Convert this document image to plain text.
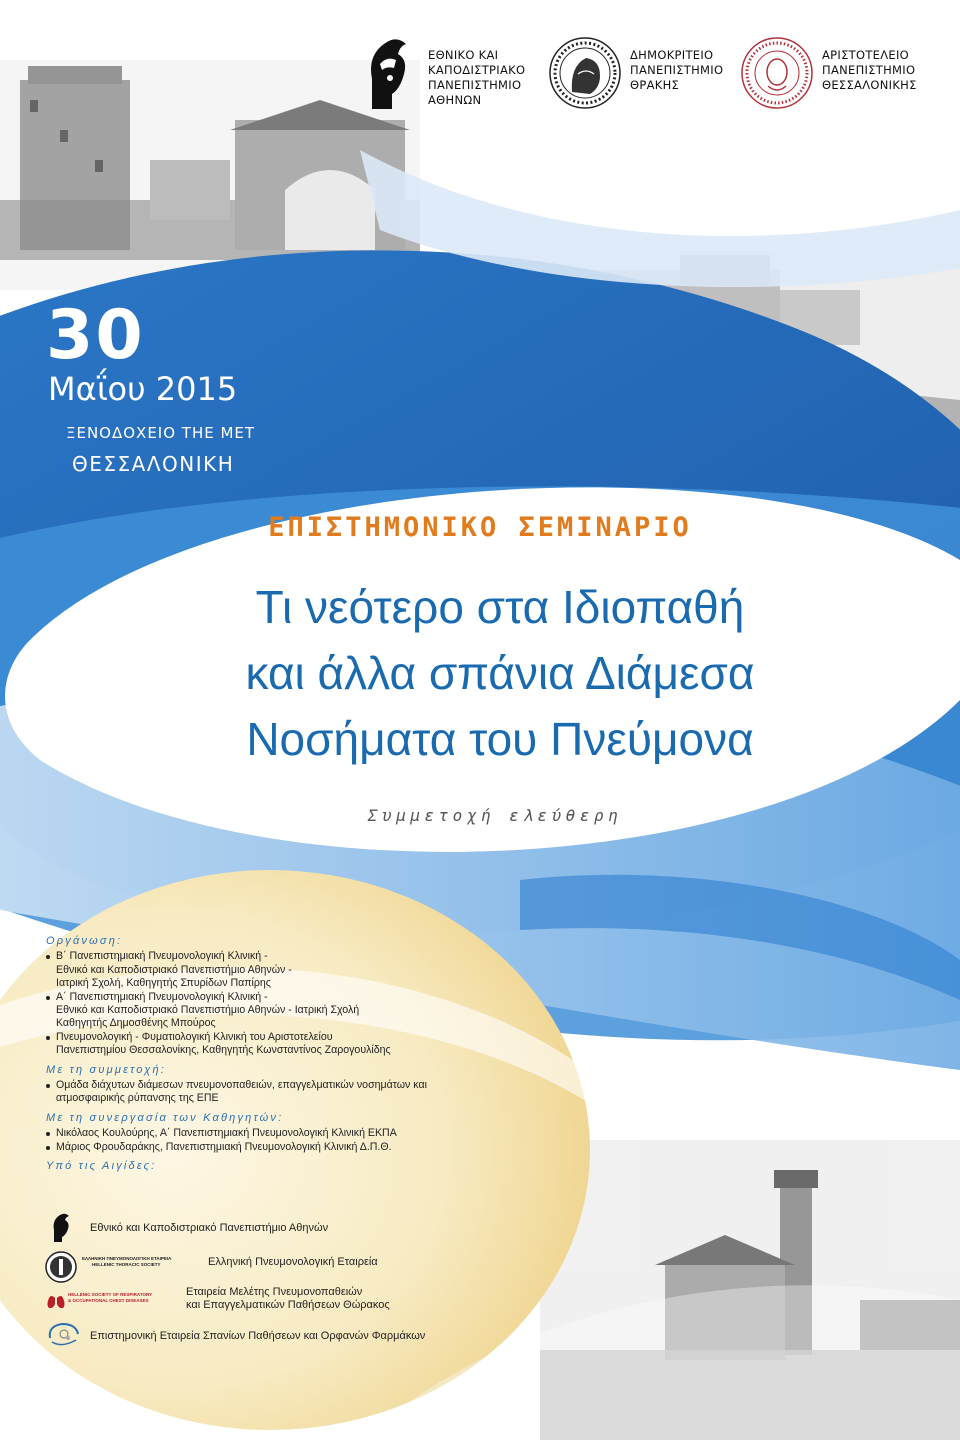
ΕΘΝΙΚΟ ΚΑΙ
ΚΑΠΟΔΙΣΤΡΙΑΚΟ
ΠΑΝΕΠΙΣΤΗΜΙΟ
ΑΘΗΝΩΝ
ΔΗΜΟΚΡΙΤΕΙΟ
ΠΑΝΕΠΙΣΤΗΜΙΟ
ΘΡΑΚΗΣ
ΑΡΙΣΤΟΤΕΛΕΙΟ
ΠΑΝΕΠΙΣΤΗΜΙΟ
ΘΕΣΣΑΛΟΝΙΚΗΣ
30
Μαΐου 2015
ΞΕΝΟΔΟΧΕΙΟ ΤΗΕ ΜΕΤ
ΘΕΣΣΑΛΟΝΙΚΗ
ΕΠΙΣΤΗΜΟΝΙΚΟ ΣΕΜΙΝΑΡΙΟ
Τι νεότερο στα Ιδιοπαθή
και άλλα σπάνια Διάμεσα
Νοσήματα του Πνεύμονα
Συμμετοχή ελεύθερη
Οργάνωση:
Β΄ Πανεπιστημιακή Πνευμονολογική Κλινική -
Εθνικό και Καποδιστριακό Πανεπιστήμιο Αθηνών -
Ιατρική Σχολή, Καθηγητής Σπυρίδων Παπίρης
Α΄ Πανεπιστημιακή Πνευμονολογική Κλινική -
Εθνικό και Καποδιστριακό Πανεπιστήμιο Αθηνών - Ιατρική Σχολή
Καθηγητής Δημοσθένης Μπούρος
Πνευμονολογική - Φυματιολογική Κλινική του Αριστοτελείου
Πανεπιστημίου Θεσσαλονίκης, Καθηγητής Κωνσταντίνος Ζαρογουλίδης
Με τη συμμετοχή:
Ομάδα διάχυτων διάμεσων πνευμονοπαθειών, επαγγελματικών νοσημάτων και
ατμοσφαιρικής ρύπανσης της ΕΠΕ
Με τη συνεργασία των Καθηγητών:
Νικόλαος Κουλούρης, Α΄ Πανεπιστημιακή Πνευμονολογική Κλινική ΕΚΠΑ
Μάριος Φρουδαράκης, Πανεπιστημιακή Πνευμονολογική Κλινική Δ.Π.Θ.
Υπό τις Αιγίδες:
Εθνικό και Καποδιστριακό Πανεπιστήμιο Αθηνών
ΕΛΛΗΝΙΚΗ ΠΝΕΥΜΟΝΟΛΟΓΙΚΗ ΕΤΑΙΡΕΙΑ
HELLENIC THORACIC SOCIETY	Ελληνική Πνευμονολογική Εταιρεία
HELLENIC SOCIETY OF RESPIRATORY
& OCCUPATIONAL CHEST DISEASES
Εταιρεία Μελέτης Πνευμονοπαθειών
και Επαγγελματικών Παθήσεων Θώρακος
Επιστημονική Εταιρεία Σπανίων Παθήσεων και Ορφανών Φαρμάκων
